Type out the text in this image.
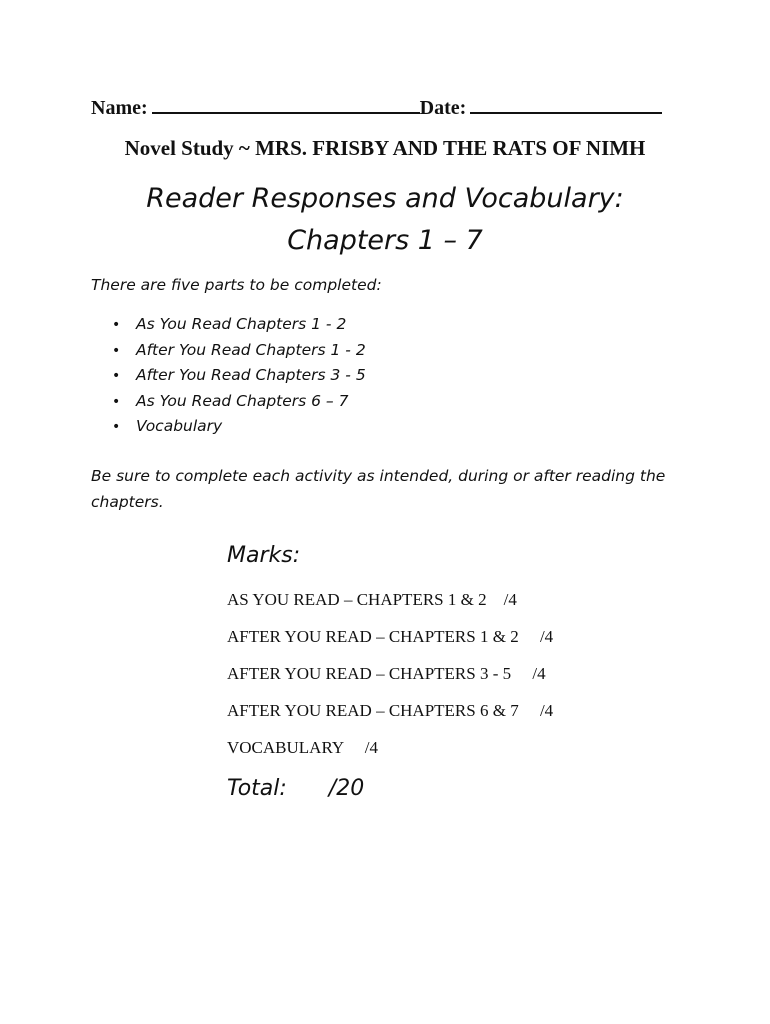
Name:	Date:
Novel Study ~ MRS. FRISBY AND THE RATS OF NIMH
Reader Responses and Vocabulary:
Chapters 1 – 7
There are five parts to be completed:
• As You Read Chapters 1 - 2
• After You Read Chapters 1 - 2
• After You Read Chapters 3 - 5
• As You Read Chapters 6 – 7
• Vocabulary
Be sure to complete each activity as intended, during or after reading the chapters.
Marks:
AS YOU READ – CHAPTERS 1 & 2    /4
AFTER YOU READ – CHAPTERS 1 & 2     /4
AFTER YOU READ – CHAPTERS 3 - 5     /4
AFTER YOU READ – CHAPTERS 6 & 7     /4
VOCABULARY     /4
Total: /20
